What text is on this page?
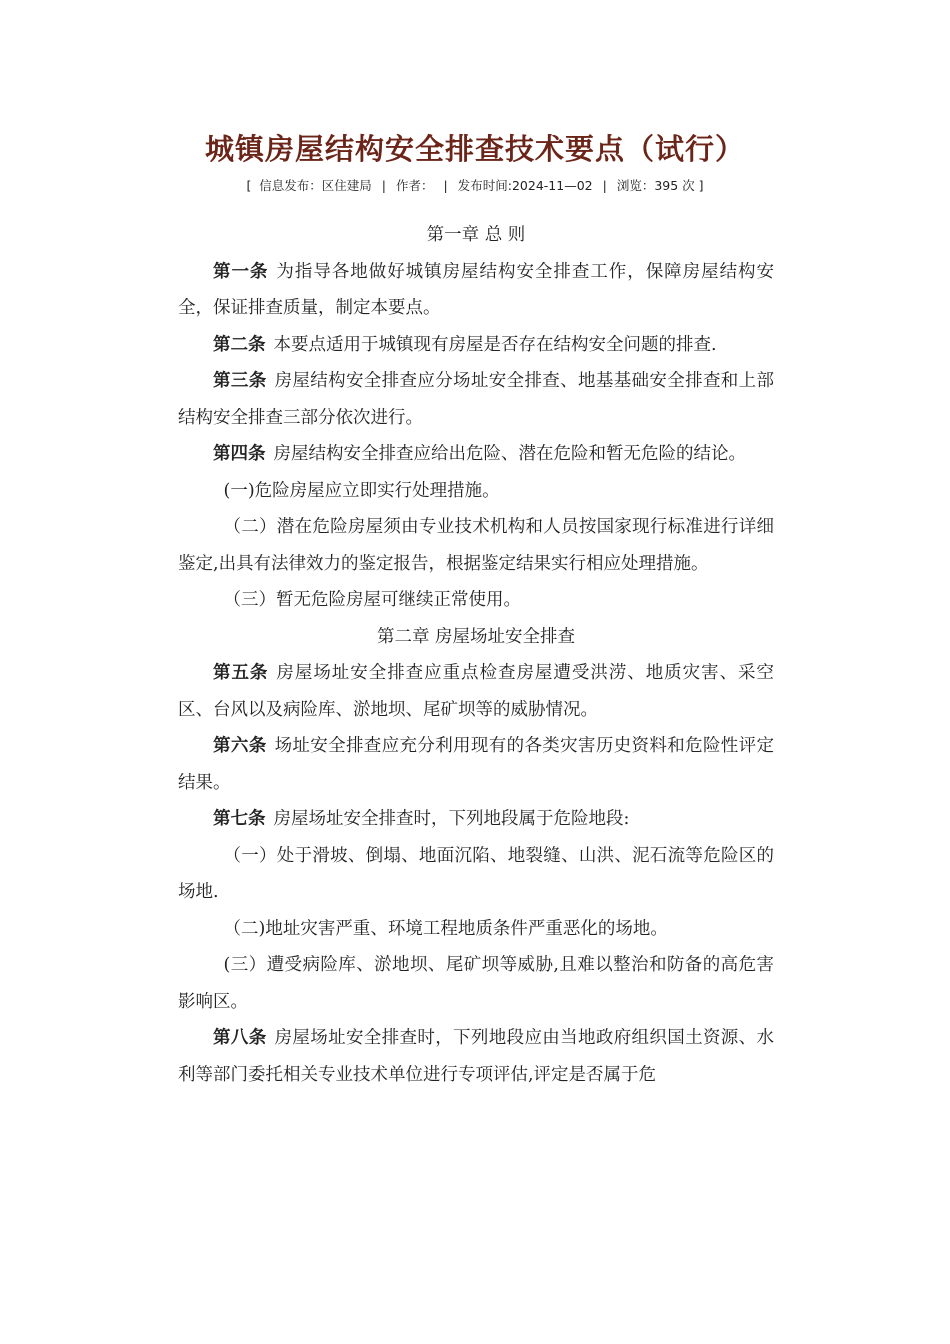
城镇房屋结构安全排查技术要点（试行）
[ 信息发布：区住建局 | 作者： | 发布时间:2024-11—02 | 浏览：395 次 ]

第一章 总 则

第一条 为指导各地做好城镇房屋结构安全排查工作，保障房屋结构安全，保证排查质量，制定本要点。

第二条 本要点适用于城镇现有房屋是否存在结构安全问题的排查.

第三条 房屋结构安全排查应分场址安全排查、地基基础安全排查和上部结构安全排查三部分依次进行。

第四条 房屋结构安全排查应给出危险、潜在危险和暂无危险的结论。

(一)危险房屋应立即实行处理措施。

（二）潜在危险房屋须由专业技术机构和人员按国家现行标准进行详细鉴定,出具有法律效力的鉴定报告，根据鉴定结果实行相应处理措施。

（三）暂无危险房屋可继续正常使用。

第二章 房屋场址安全排查

第五条 房屋场址安全排查应重点检查房屋遭受洪涝、地质灾害、采空区、台风以及病险库、淤地坝、尾矿坝等的威胁情况。

第六条 场址安全排查应充分利用现有的各类灾害历史资料和危险性评定结果。

第七条 房屋场址安全排查时，下列地段属于危险地段:

（一）处于滑坡、倒塌、地面沉陷、地裂缝、山洪、泥石流等危险区的场地.

（二)地址灾害严重、环境工程地质条件严重恶化的场地。

(三）遭受病险库、淤地坝、尾矿坝等威胁,且难以整治和防备的高危害影响区。

第八条 房屋场址安全排查时，下列地段应由当地政府组织国土资源、水利等部门委托相关专业技术单位进行专项评估,评定是否属于危
